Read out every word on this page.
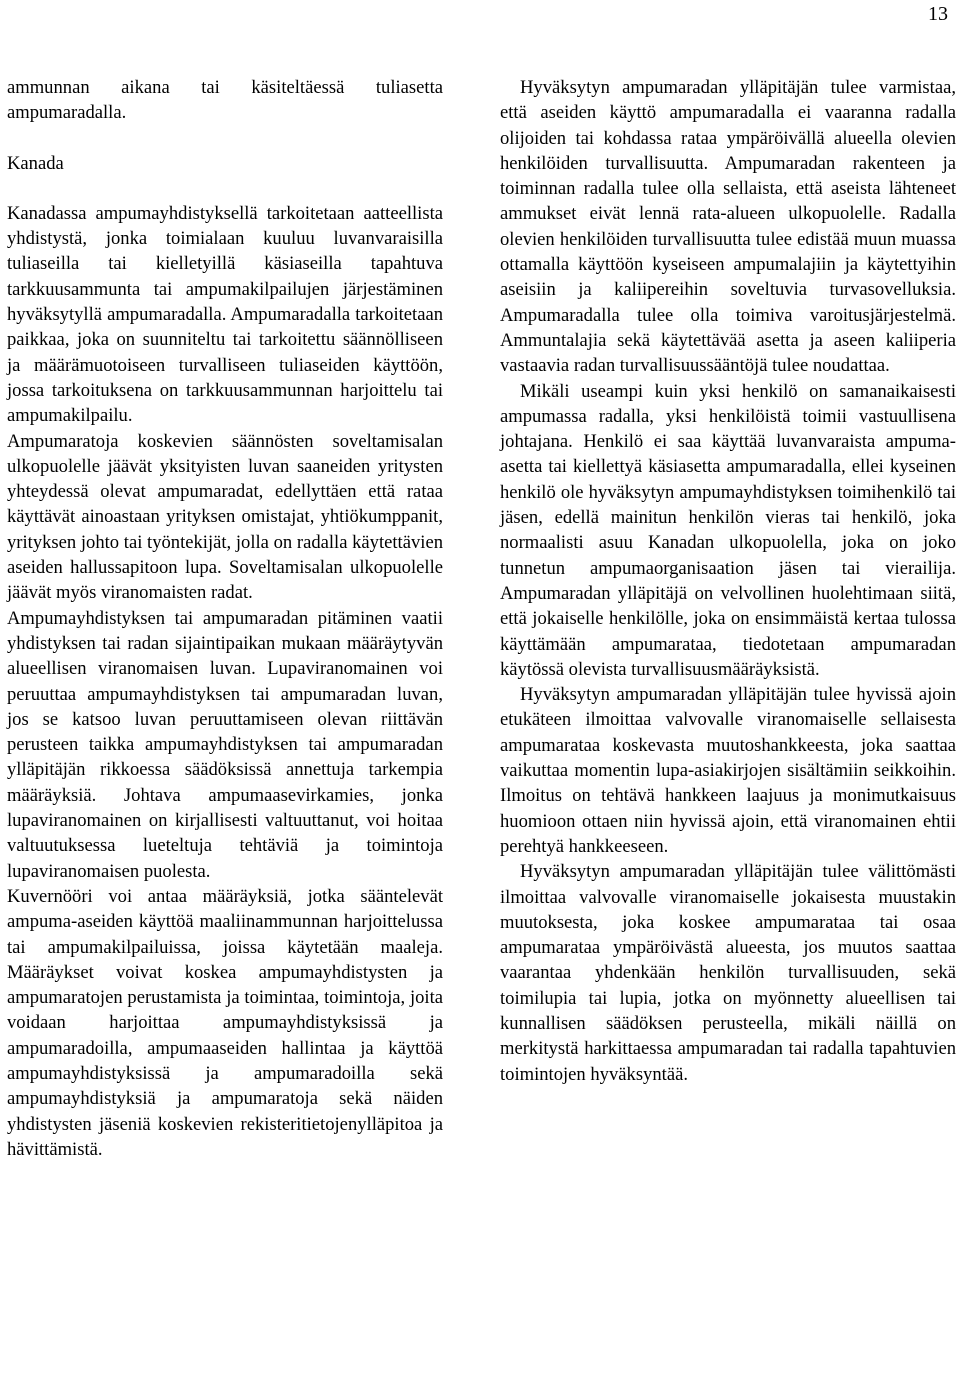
13

ammunnan aikana tai käsiteltäessä tuliasetta ampumaradalla.

Kanada

Kanadassa ampumayhdistyksellä tarkoitetaan aatteellista yhdistystä, jonka toimialaan kuuluu luvanvaraisilla tuliaseilla tai kielletyillä käsiaseilla tapahtuva tarkkuusammunta tai ampumakilpailujen järjestäminen hyväksytyllä ampumaradalla. Ampumaradalla tarkoitetaan paikkaa, joka on suunniteltu tai tarkoitettu säännölliseen ja määrämuotoiseen turvalliseen tuliaseiden käyttöön, jossa tarkoituksena on tarkkuusammunnan harjoittelu tai ampumakilpailu.

Ampumaratoja koskevien säännösten soveltamisalan ulkopuolelle jäävät yksityisten luvan saaneiden yritysten yhteydessä olevat ampumaradat, edellyttäen että rataa käyttävät ainoastaan yrityksen omistajat, yhtiökumppanit, yrityksen johto tai työntekijät, jolla on radalla käytettävien aseiden hallussapitoon lupa. Soveltamisalan ulkopuolelle jäävät myös viranomaisten radat.

Ampumayhdistyksen tai ampumaradan pitäminen vaatii yhdistyksen tai radan sijaintipaikan mukaan määräytyvän alueellisen viranomaisen luvan. Lupaviranomainen voi peruuttaa ampumayhdistyksen tai ampumaradan luvan, jos se katsoo luvan peruuttamiseen olevan riittävän perusteen taikka ampumayhdistyksen tai ampumaradan ylläpitäjän rikkoessa säädöksissä annettuja tarkempia määräyksiä. Johtava ampumaasevirkamies, jonka lupaviranomainen on kirjallisesti valtuuttanut, voi hoitaa valtuutuksessa lueteltuja tehtäviä ja toimintoja lupaviranomaisen puolesta.

Kuvernööri voi antaa määräyksiä, jotka sääntelevät ampuma-aseiden käyttöä maaliinammunnan harjoittelussa tai ampumakilpailuissa, joissa käytetään maaleja. Määräykset voivat koskea ampumayhdistysten ja ampumaratojen perustamista ja toimintaa, toimintoja, joita voidaan harjoittaa ampumayhdistyksissä ja ampumaradoilla, ampumaaseiden hallintaa ja käyttöä ampumayhdistyksissä ja ampumaradoilla sekä ampumayhdistyksiä ja ampumaratoja sekä näiden yhdistysten jäseniä koskevien rekisteritietojenylläpitoa ja hävittämistä.

Hyväksytyn ampumaradan ylläpitäjän tulee varmistaa, että aseiden käyttö ampumaradalla ei vaaranna radalla olijoiden tai kohdassa rataa ympäröivällä alueella olevien henkilöiden turvallisuutta. Ampumaradan rakenteen ja toiminnan radalla tulee olla sellaista, että aseista lähteneet ammukset eivät lennä rata-alueen ulkopuolelle. Radalla olevien henkilöiden turvallisuutta tulee edistää muun muassa ottamalla käyttöön kyseiseen ampumalajiin ja käytettyihin aseisiin ja kaliipereihin soveltuvia turvasovelluksia. Ampumaradalla tulee olla toimiva varoitusjärjestelmä. Ammuntalajia sekä käytettävää asetta ja aseen kaliiperia vastaavia radan turvallisuussääntöjä tulee noudattaa.

Mikäli useampi kuin yksi henkilö on samanaikaisesti ampumassa radalla, yksi henkilöistä toimii vastuullisena johtajana. Henkilö ei saa käyttää luvanvaraista ampuma-asetta tai kiellettyä käsiasetta ampumaradalla, ellei kyseinen henkilö ole hyväksytyn ampumayhdistyksen toimihenkilö tai jäsen, edellä mainitun henkilön vieras tai henkilö, joka normaalisti asuu Kanadan ulkopuolella, joka on joko tunnetun ampumaorganisaation jäsen tai vierailija. Ampumaradan ylläpitäjä on velvollinen huolehtimaan siitä, että jokaiselle henkilölle, joka on ensimmäistä kertaa tulossa käyttämään ampumarataa, tiedotetaan ampumaradan käytössä olevista turvallisuusmääräyksistä.

Hyväksytyn ampumaradan ylläpitäjän tulee hyvissä ajoin etukäteen ilmoittaa valvovalle viranomaiselle sellaisesta ampumarataa koskevasta muutoshankkeesta, joka saattaa vaikuttaa momentin lupa-asiakirjojen sisältämiin seikkoihin. Ilmoitus on tehtävä hankkeen laajuus ja monimutkaisuus huomioon ottaen niin hyvissä ajoin, että viranomainen ehtii perehtyä hankkeeseen.

Hyväksytyn ampumaradan ylläpitäjän tulee välittömästi ilmoittaa valvovalle viranomaiselle jokaisesta muustakin muutoksesta, joka koskee ampumarataa tai osaa ampumarataa ympäröivästä alueesta, jos muutos saattaa vaarantaa yhdenkään henkilön turvallisuuden, sekä toimilupia tai lupia, jotka on myönnetty alueellisen tai kunnallisen säädöksen perusteella, mikäli näillä on merkitystä harkittaessa ampumaradan tai radalla tapahtuvien toimintojen hyväksyntää.
